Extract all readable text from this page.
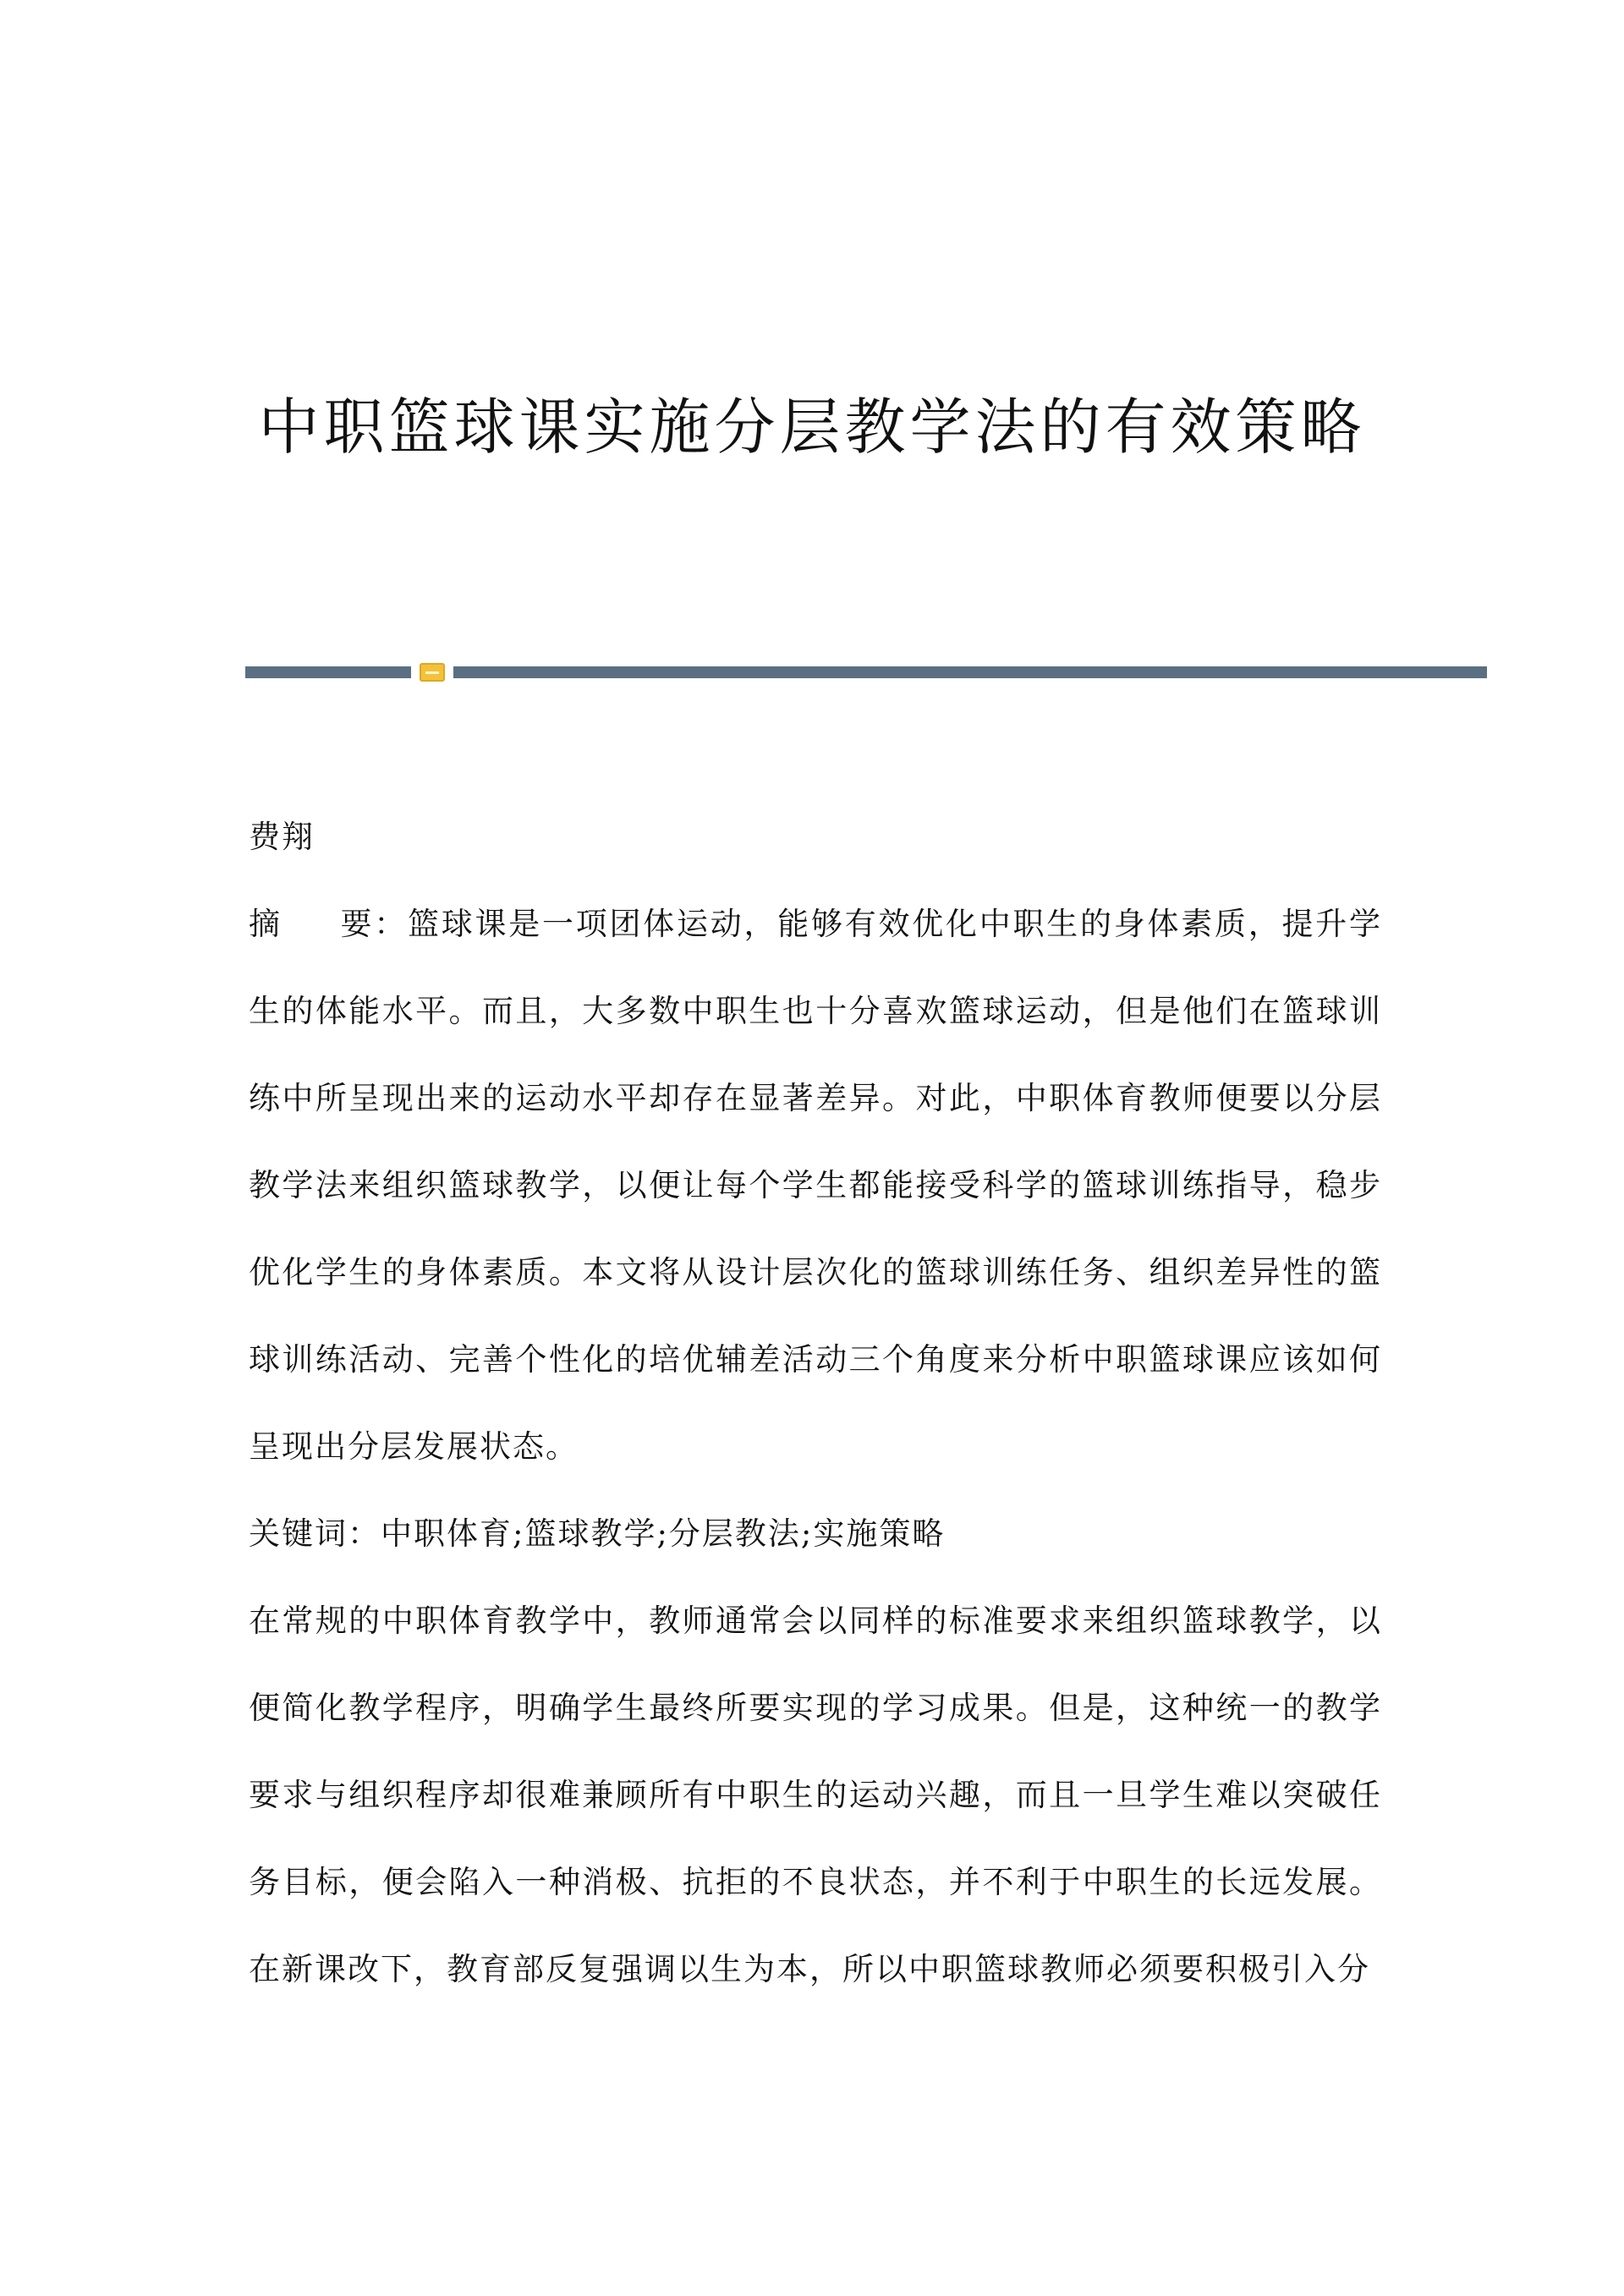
中职篮球课实施分层教学法的有效策略

费翔

摘 要：篮球课是一项团体运动，能够有效优化中职生的身体素质，提升学生的体能水平。而且，大多数中职生也十分喜欢篮球运动，但是他们在篮球训练中所呈现出来的运动水平却存在显著差异。对此，中职体育教师便要以分层教学法来组织篮球教学，以便让每个学生都能接受科学的篮球训练指导，稳步优化学生的身体素质。本文将从设计层次化的篮球训练任务、组织差异性的篮球训练活动、完善个性化的培优辅差活动三个角度来分析中职篮球课应该如何呈现出分层发展状态。

关键词：中职体育;篮球教学;分层教法;实施策略

在常规的中职体育教学中，教师通常会以同样的标准要求来组织篮球教学，以便简化教学程序，明确学生最终所要实现的学习成果。但是，这种统一的教学要求与组织程序却很难兼顾所有中职生的运动兴趣，而且一旦学生难以突破任务目标，便会陷入一种消极、抗拒的不良状态，并不利于中职生的长远发展。在新课改下，教育部反复强调以生为本，所以中职篮球教师必须要积极引入分
